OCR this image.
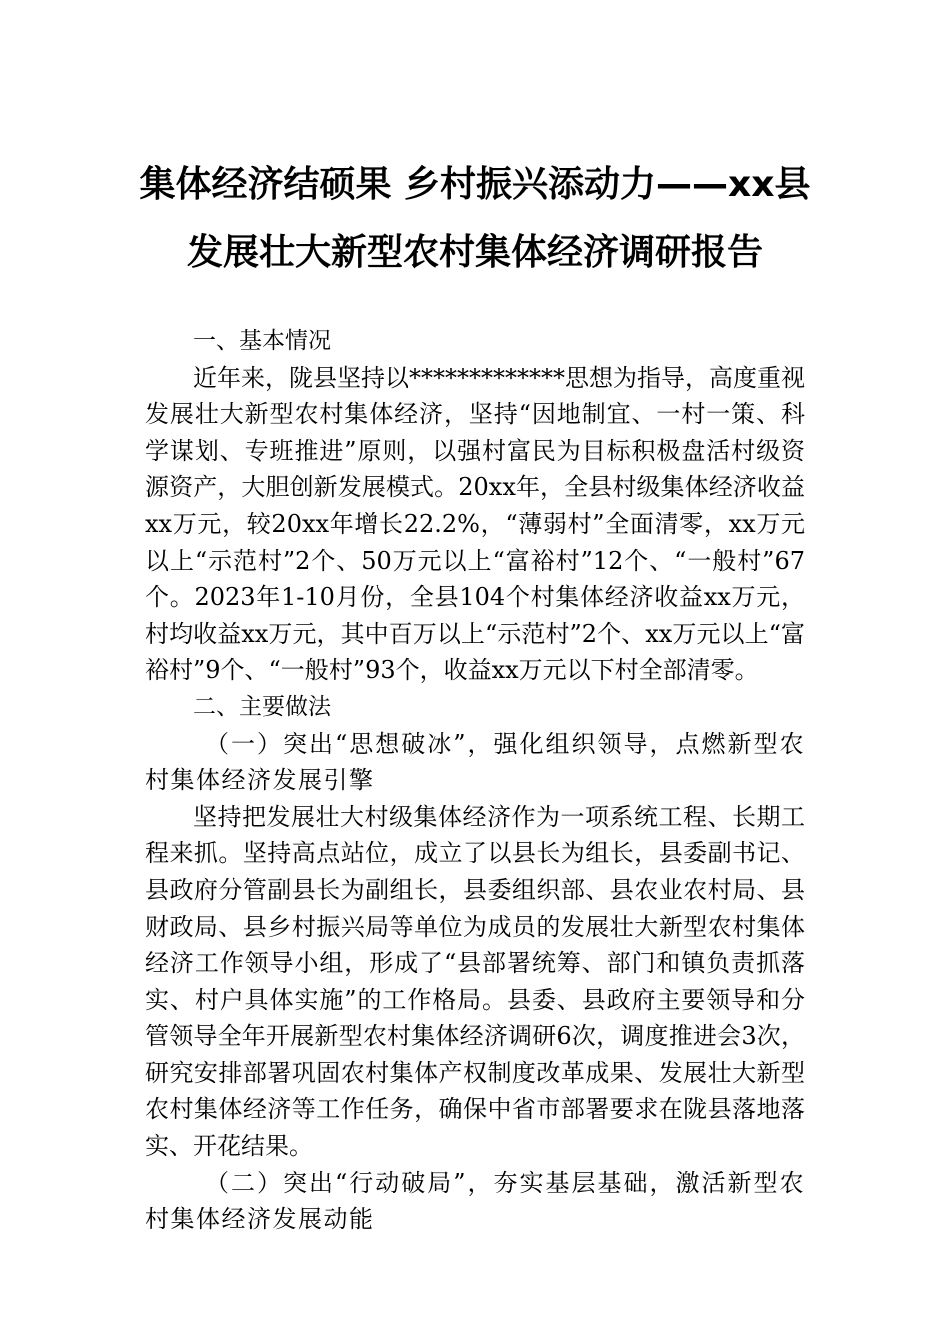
集体经济结硕果 乡村振兴添动力——xx县
发展壮大新型农村集体经济调研报告

一、基本情况

近年来，陇县坚持以*************思想为指导，高度重视发展壮大新型农村集体经济，坚持“因地制宜、一村一策、科学谋划、专班推进”原则，以强村富民为目标积极盘活村级资源资产，大胆创新发展模式。20xx年，全县村级集体经济收益xx万元，较20xx年增长22.2%，“薄弱村”全面清零，xx万元以上“示范村”2个、50万元以上“富裕村”12个、“一般村”67个。2023年1-10月份，全县104个村集体经济收益xx万元，村均收益xx万元，其中百万以上“示范村”2个、xx万元以上“富裕村”9个、“一般村”93个，收益xx万元以下村全部清零。

二、主要做法

（一）突出“思想破冰”，强化组织领导，点燃新型农村集体经济发展引擎

坚持把发展壮大村级集体经济作为一项系统工程、长期工程来抓。坚持高点站位，成立了以县长为组长，县委副书记、县政府分管副县长为副组长，县委组织部、县农业农村局、县财政局、县乡村振兴局等单位为成员的发展壮大新型农村集体经济工作领导小组，形成了“县部署统筹、部门和镇负责抓落实、村户具体实施”的工作格局。县委、县政府主要领导和分管领导全年开展新型农村集体经济调研6次，调度推进会3次，研究安排部署巩固农村集体产权制度改革成果、发展壮大新型农村集体经济等工作任务，确保中省市部署要求在陇县落地落实、开花结果。

（二）突出“行动破局”，夯实基层基础，激活新型农村集体经济发展动能
